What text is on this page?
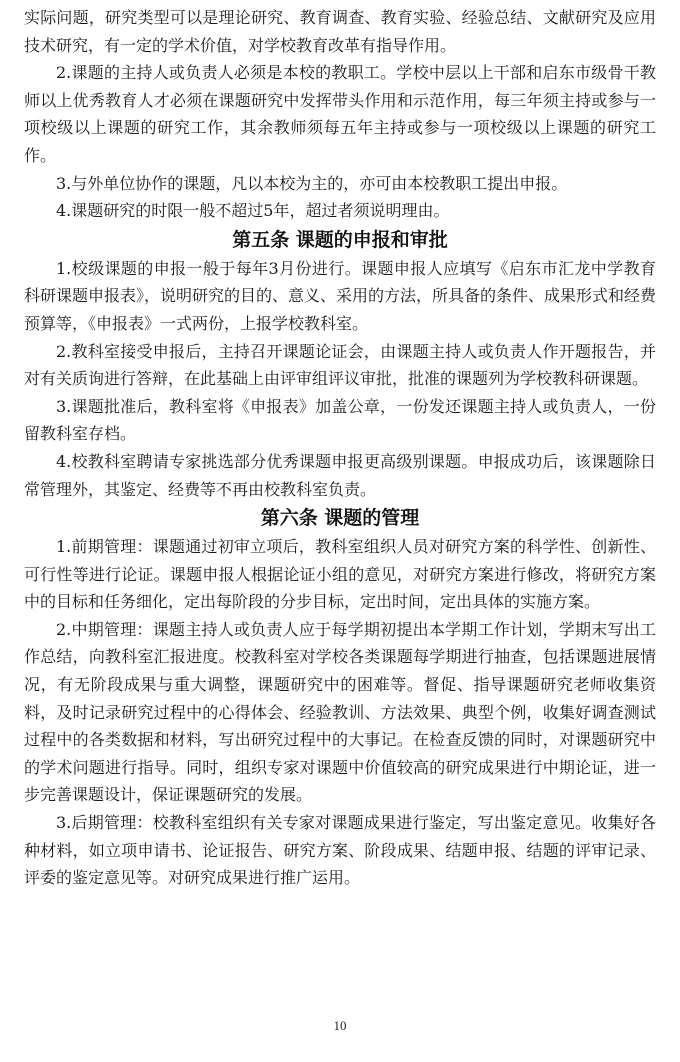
实际问题，研究类型可以是理论研究、教育调查、教育实验、经验总结、文献研究及应用技术研究，有一定的学术价值，对学校教育改革有指导作用。

2.课题的主持人或负责人必须是本校的教职工。学校中层以上干部和启东市级骨干教师以上优秀教育人才必须在课题研究中发挥带头作用和示范作用，每三年须主持或参与一项校级以上课题的研究工作，其余教师须每五年主持或参与一项校级以上课题的研究工作。

3.与外单位协作的课题，凡以本校为主的，亦可由本校教职工提出申报。

4.课题研究的时限一般不超过5年，超过者须说明理由。

第五条 课题的申报和审批

1.校级课题的申报一般于每年3月份进行。课题申报人应填写《启东市汇龙中学教育科研课题申报表》，说明研究的目的、意义、采用的方法，所具备的条件、成果形式和经费预算等，《申报表》一式两份，上报学校教科室。

2.教科室接受申报后，主持召开课题论证会，由课题主持人或负责人作开题报告，并对有关质询进行答辩，在此基础上由评审组评议审批，批准的课题列为学校教科研课题。

3.课题批准后，教科室将《申报表》加盖公章，一份发还课题主持人或负责人，一份留教科室存档。

4.校教科室聘请专家挑选部分优秀课题申报更高级别课题。申报成功后，该课题除日常管理外，其鉴定、经费等不再由校教科室负责。

第六条 课题的管理

1.前期管理：课题通过初审立项后，教科室组织人员对研究方案的科学性、创新性、可行性等进行论证。课题申报人根据论证小组的意见，对研究方案进行修改，将研究方案中的目标和任务细化，定出每阶段的分步目标，定出时间，定出具体的实施方案。

2.中期管理：课题主持人或负责人应于每学期初提出本学期工作计划，学期末写出工作总结，向教科室汇报进度。校教科室对学校各类课题每学期进行抽查，包括课题进展情况，有无阶段成果与重大调整，课题研究中的困难等。督促、指导课题研究老师收集资料，及时记录研究过程中的心得体会、经验教训、方法效果、典型个例，收集好调查测试过程中的各类数据和材料，写出研究过程中的大事记。在检查反馈的同时，对课题研究中的学术问题进行指导。同时，组织专家对课题中价值较高的研究成果进行中期论证，进一步完善课题设计，保证课题研究的发展。

3.后期管理：校教科室组织有关专家对课题成果进行鉴定，写出鉴定意见。收集好各种材料，如立项申请书、论证报告、研究方案、阶段成果、结题申报、结题的评审记录、评委的鉴定意见等。对研究成果进行推广运用。

10
